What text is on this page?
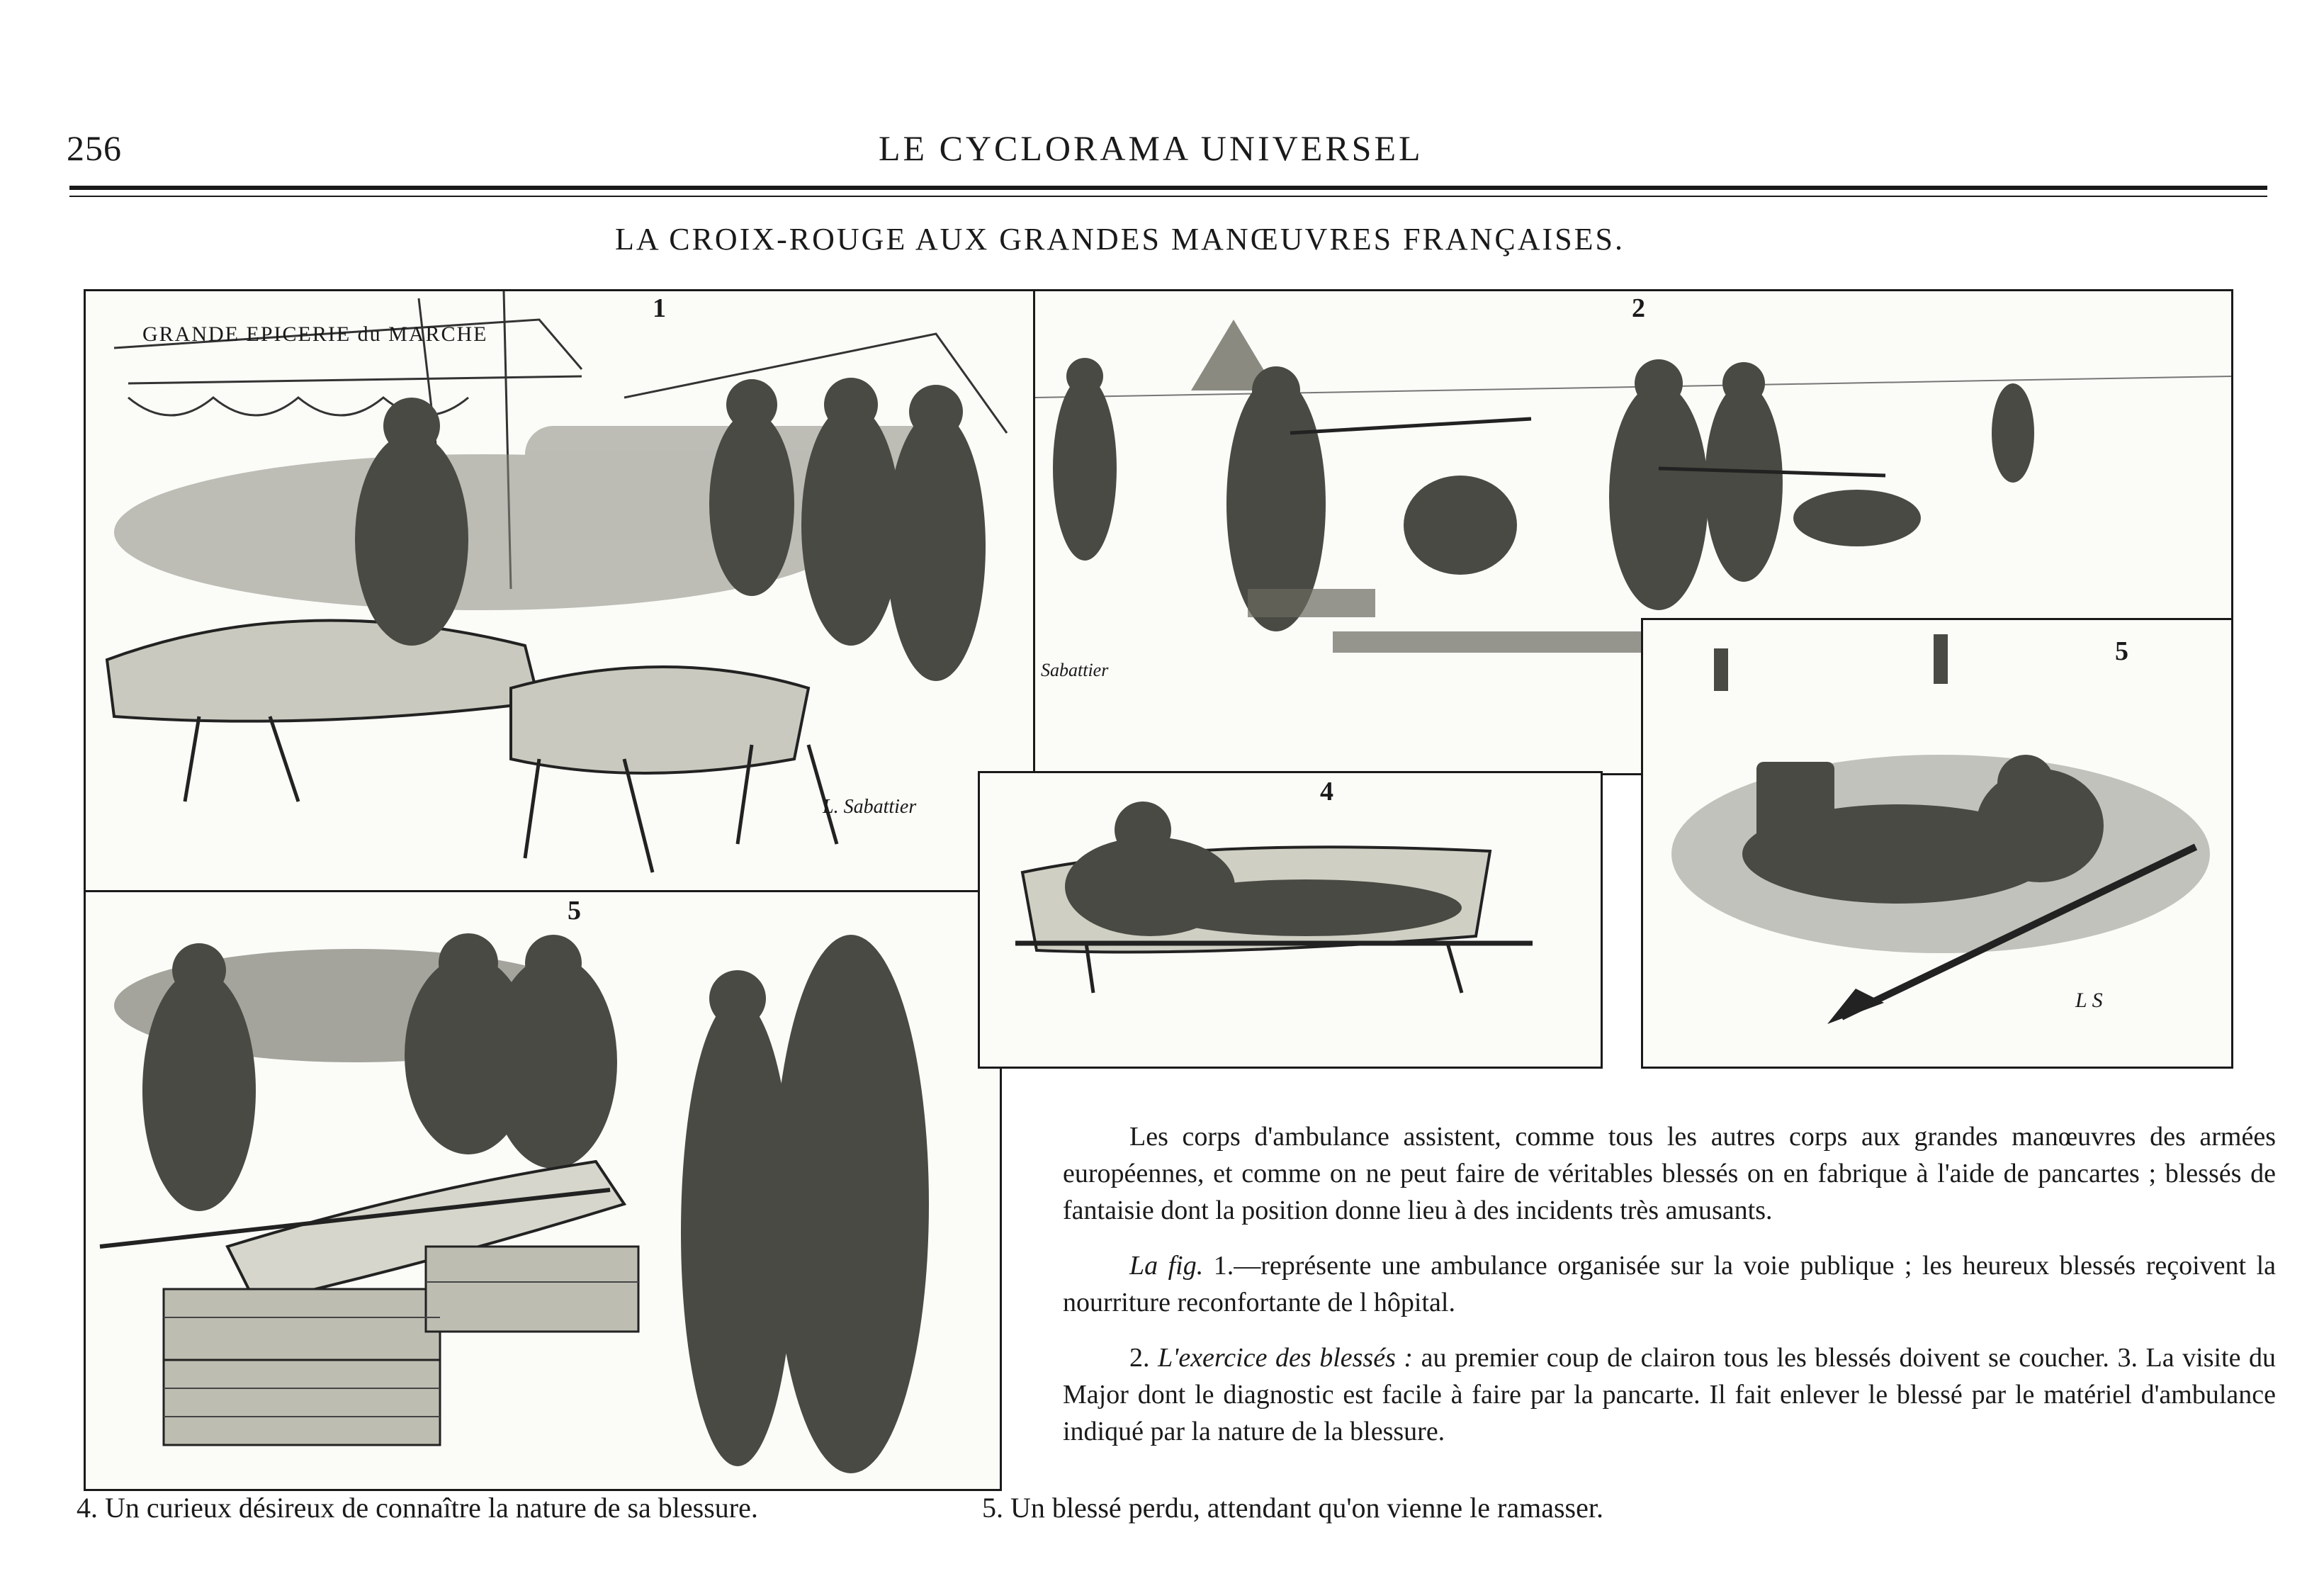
256	LE CYCLORAMA UNIVERSEL
LA CROIX-ROUGE AUX GRANDES MANŒUVRES FRANÇAISES.
1
GRANDE EPICERIE du MARCHE
L. Sabattier
2
Sabattier
5
4
5
L S

Les corps d'ambulance assistent, comme tous les autres corps aux grandes manœuvres des armées européennes, et comme on ne peut faire de véritables blessés on en fabrique à l'aide de pancartes ; blessés de fantaisie dont la position donne lieu à des incidents très amusants.

La fig. 1.—représente une ambulance organisée sur la voie publique ; les heureux blessés reçoivent la nourriture reconfortante de l hôpital.

2. L'exercice des blessés : au premier coup de clairon tous les blessés doivent se coucher. 3. La visite du Major dont le diagnostic est facile à faire par la pancarte. Il fait enlever le blessé par le matériel d'ambulance indiqué par la nature de la blessure.

4. Un curieux désireux de connaître la nature de sa blessure.	5. Un blessé perdu, attendant qu'on vienne le ramasser.
